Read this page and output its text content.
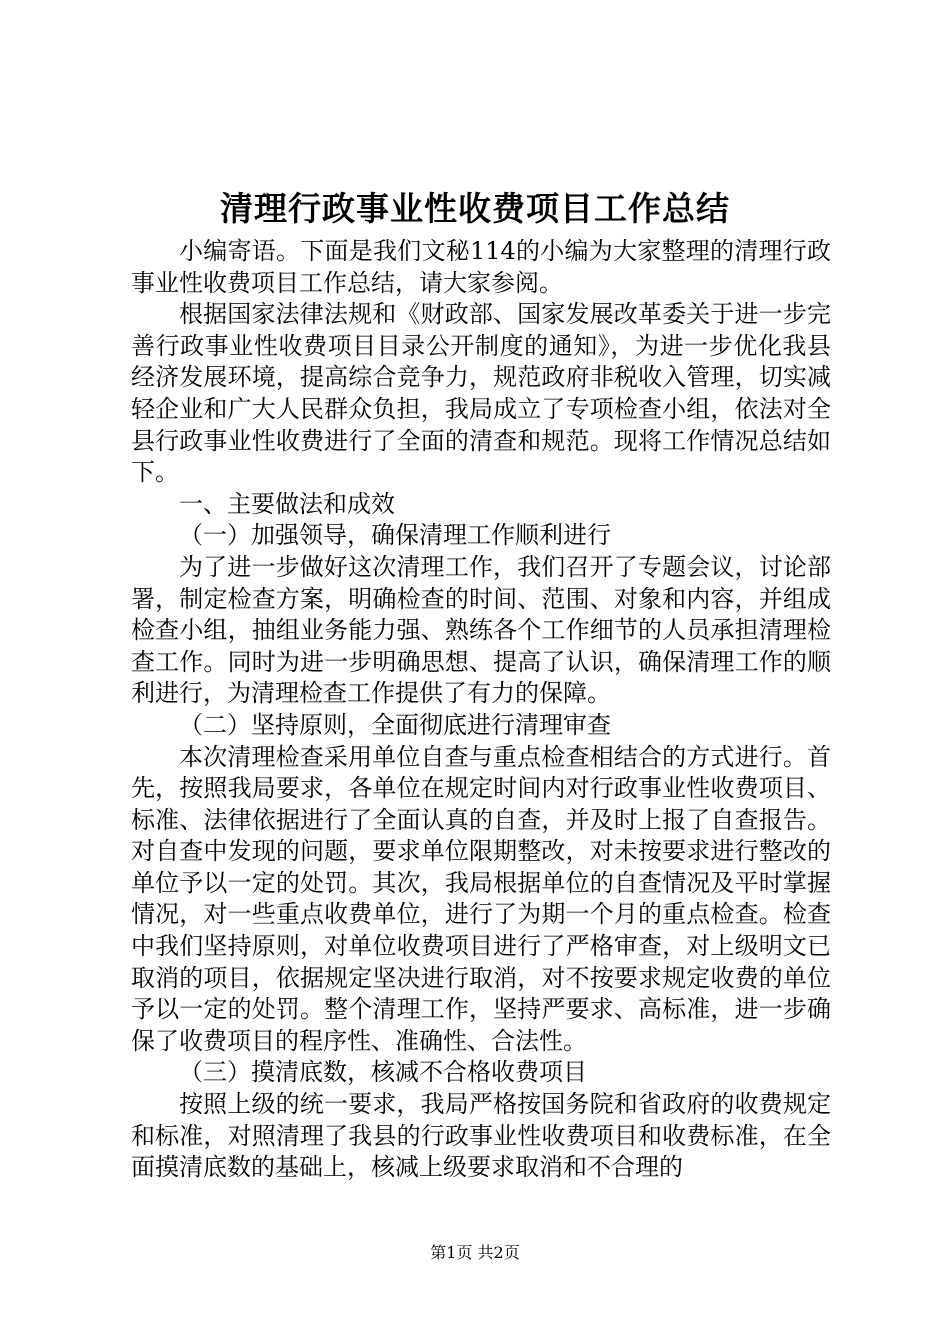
清理行政事业性收费项目工作总结

小编寄语。下面是我们文秘114的小编为大家整理的清理行政事业性收费项目工作总结，请大家参阅。

根据国家法律法规和《财政部、国家发展改革委关于进一步完善行政事业性收费项目目录公开制度的通知》，为进一步优化我县经济发展环境，提高综合竞争力，规范政府非税收入管理，切实减轻企业和广大人民群众负担，我局成立了专项检查小组，依法对全县行政事业性收费进行了全面的清查和规范。现将工作情况总结如下。

一、主要做法和成效

（一）加强领导，确保清理工作顺利进行

为了进一步做好这次清理工作，我们召开了专题会议，讨论部署，制定检查方案，明确检查的时间、范围、对象和内容，并组成检查小组，抽组业务能力强、熟练各个工作细节的人员承担清理检查工作。同时为进一步明确思想、提高了认识，确保清理工作的顺利进行，为清理检查工作提供了有力的保障。

（二）坚持原则，全面彻底进行清理审查

本次清理检查采用单位自查与重点检查相结合的方式进行。首先，按照我局要求，各单位在规定时间内对行政事业性收费项目、标准、法律依据进行了全面认真的自查，并及时上报了自查报告。对自查中发现的问题，要求单位限期整改，对未按要求进行整改的单位予以一定的处罚。其次，我局根据单位的自查情况及平时掌握情况，对一些重点收费单位，进行了为期一个月的重点检查。检查中我们坚持原则，对单位收费项目进行了严格审查，对上级明文已取消的项目，依据规定坚决进行取消，对不按要求规定收费的单位予以一定的处罚。整个清理工作，坚持严要求、高标准，进一步确保了收费项目的程序性、准确性、合法性。

（三）摸清底数，核减不合格收费项目

按照上级的统一要求，我局严格按国务院和省政府的收费规定和标准，对照清理了我县的行政事业性收费项目和收费标准，在全面摸清底数的基础上，核减上级要求取消和不合理的

第1页 共2页
